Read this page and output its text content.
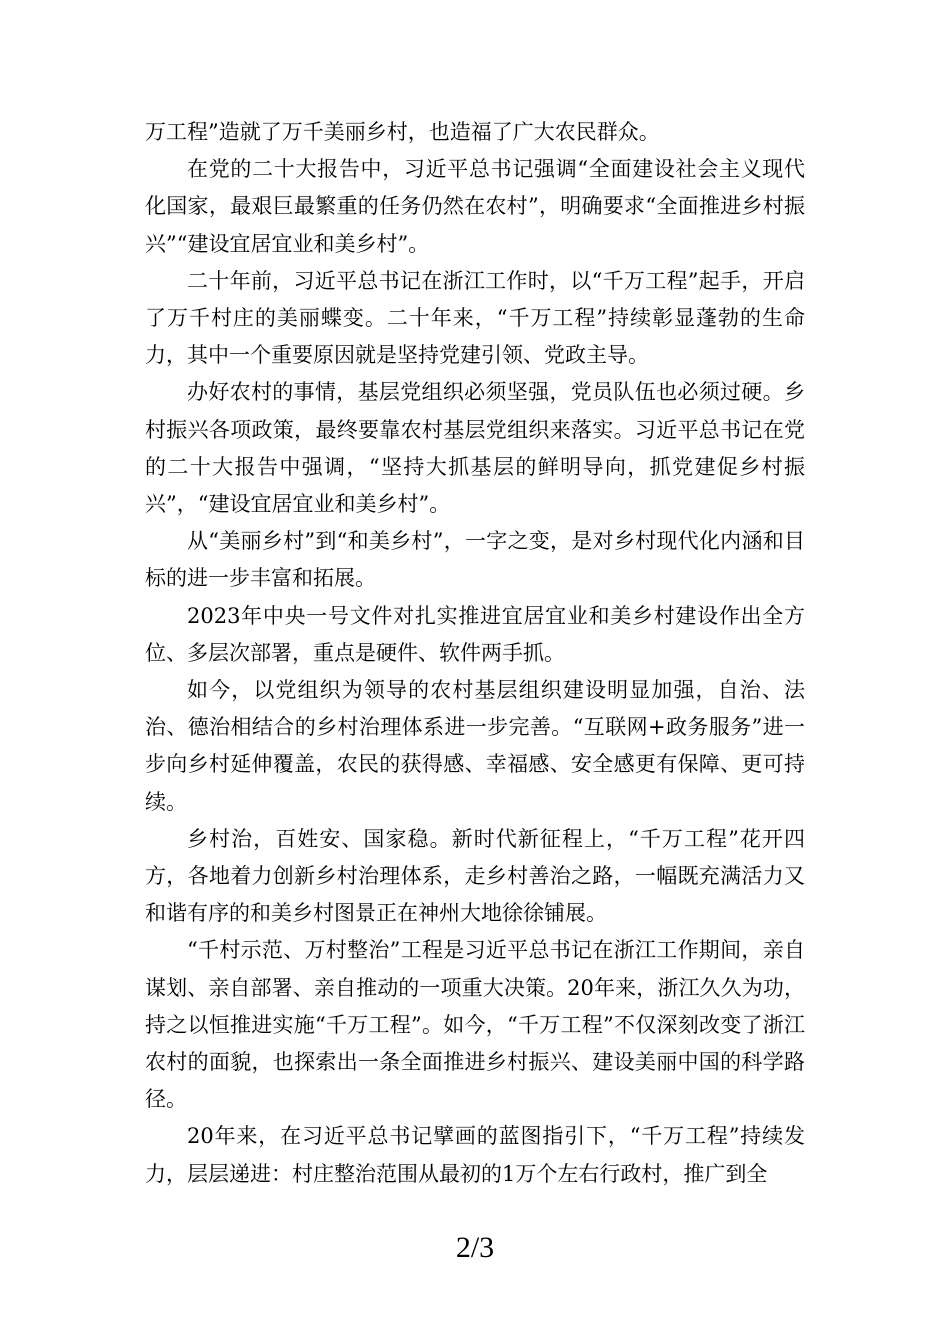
万工程”造就了万千美丽乡村，也造福了广大农民群众。

在党的二十大报告中，习近平总书记强调“全面建设社会主义现代化国家，最艰巨最繁重的任务仍然在农村”，明确要求“全面推进乡村振兴”“建设宜居宜业和美乡村”。

二十年前，习近平总书记在浙江工作时，以“千万工程”起手，开启了万千村庄的美丽蝶变。二十年来，“千万工程”持续彰显蓬勃的生命力，其中一个重要原因就是坚持党建引领、党政主导。

办好农村的事情，基层党组织必须坚强，党员队伍也必须过硬。乡村振兴各项政策，最终要靠农村基层党组织来落实。习近平总书记在党的二十大报告中强调，“坚持大抓基层的鲜明导向，抓党建促乡村振兴”，“建设宜居宜业和美乡村”。

从“美丽乡村”到“和美乡村”，一字之变，是对乡村现代化内涵和目标的进一步丰富和拓展。

2023年中央一号文件对扎实推进宜居宜业和美乡村建设作出全方位、多层次部署，重点是硬件、软件两手抓。

如今，以党组织为领导的农村基层组织建设明显加强，自治、法治、德治相结合的乡村治理体系进一步完善。“互联网+政务服务”进一步向乡村延伸覆盖，农民的获得感、幸福感、安全感更有保障、更可持续。

乡村治，百姓安、国家稳。新时代新征程上，“千万工程”花开四方，各地着力创新乡村治理体系，走乡村善治之路，一幅既充满活力又和谐有序的和美乡村图景正在神州大地徐徐铺展。

“千村示范、万村整治”工程是习近平总书记在浙江工作期间，亲自谋划、亲自部署、亲自推动的一项重大决策。20年来，浙江久久为功，持之以恒推进实施“千万工程”。如今，“千万工程”不仅深刻改变了浙江农村的面貌，也探索出一条全面推进乡村振兴、建设美丽中国的科学路径。

20年来，在习近平总书记擘画的蓝图指引下，“千万工程”持续发力，层层递进：村庄整治范围从最初的1万个左右行政村，推广到全

2/3
